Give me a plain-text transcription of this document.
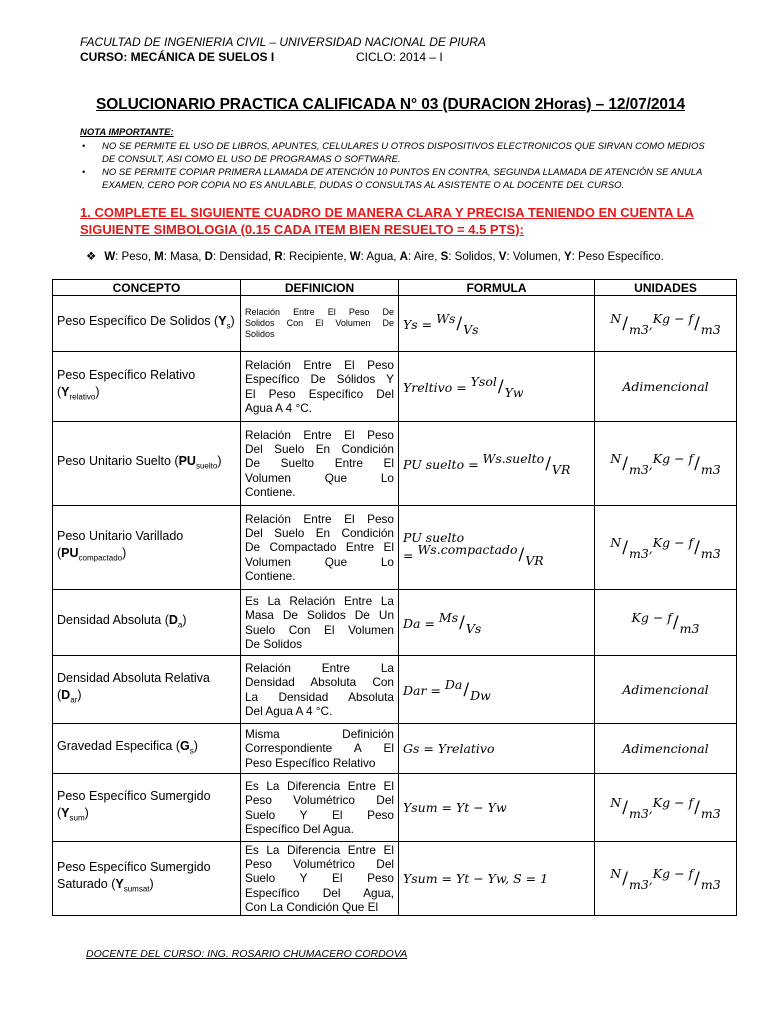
FACULTAD DE INGENIERIA CIVIL – UNIVERSIDAD NACIONAL DE PIURA
CURSO: MECÁNICA DE SUELOS I	CICLO: 2014 – I
SOLUCIONARIO PRACTICA CALIFICADA N° 03 (DURACION 2Horas) – 12/07/2014
NOTA IMPORTANTE:
• NO SE PERMITE EL USO DE LIBROS, APUNTES, CELULARES U OTROS DISPOSITIVOS ELECTRONICOS QUE SIRVAN COMO MEDIOS DE CONSULT, ASI COMO EL USO DE PROGRAMAS O SOFTWARE.
• NO SE PERMITE COPIAR PRIMERA LLAMADA DE ATENCIÓN 10 PUNTOS EN CONTRA, SEGUNDA LLAMADA DE ATENCIÓN SE ANULA EXAMEN, CERO POR COPIA NO ES ANULABLE, DUDAS O CONSULTAS AL ASISTENTE O AL DOCENTE DEL CURSO.
1. COMPLETE EL SIGUIENTE CUADRO DE MANERA CLARA Y PRECISA TENIENDO EN CUENTA LA SIGUIENTE SIMBOLOGIA (0.15 CADA ITEM BIEN RESUELTO = 4.5 PTS):
❖ W: Peso, M: Masa, D: Densidad, R: Recipiente, W: Agua, A: Aire, S: Solidos, V: Volumen, Y: Peso Específico.
CONCEPTO	DEFINICION	FORMULA	UNIDADES
Peso Específico De Solidos $(Y_s)$	Relación Entre El Peso De
Solidos Con El Volumen De
Solidos	Ys = Ws/Vs	N/m3,Kg − f/m3
Peso Específico Relativo $(Y_{relativo})$	Relación Entre El Peso
Específico De Sólidos Y
El Peso Específico Del
Agua A 4 °C.	Yreltivo = Ysol/Yw	Adimencional
Peso Unitario Suelto $(PU_{suelto})$	Relación Entre El Peso
Del Suelo En Condición
De Suelto Entre El
Volumen Que Lo
Contiene.	PU suelto = Ws.suelto/VR	N/m3,Kg − f/m3
Peso Unitario Varillado $(PU_{compactado})$	Relación Entre El Peso
Del Suelo En Condición
De Compactado Entre El
Volumen Que Lo
Contiene.	PU suelto
= Ws.compactado/VR	N/m3,Kg − f/m3
Densidad Absoluta $(D_a)$	Es La Relación Entre La
Masa De Solidos De Un
Suelo Con El Volumen
De Solidos	Da = Ms/Vs	Kg − f/m3
Densidad Absoluta Relativa $(D_{ar})$	Relación Entre La
Densidad Absoluta Con
La Densidad Absoluta
Del Agua A 4 °C.	Dar = Da/Dw	Adimencional
Gravedad Especifica $(G_s)$	Misma Definición
Correspondiente A El
Peso Específico Relativo	Gs = Yrelativo	Adimencional
Peso Específico Sumergido $(Y_{sum})$	Es La Diferencia Entre El
Peso Volumétrico Del
Suelo Y El Peso
Específico Del Agua.	Ysum = Yt − Yw	N/m3,Kg − f/m3
Peso Específico Sumergido Saturado $(Y_{sumsat})$	Es La Diferencia Entre El
Peso Volumétrico Del
Suelo Y El Peso
Específico Del Agua,
Con La Condición Que El	Ysum = Yt − Yw, S = 1	N/m3,Kg − f/m3
DOCENTE DEL CURSO: ING. ROSARIO CHUMACERO CORDOVA
